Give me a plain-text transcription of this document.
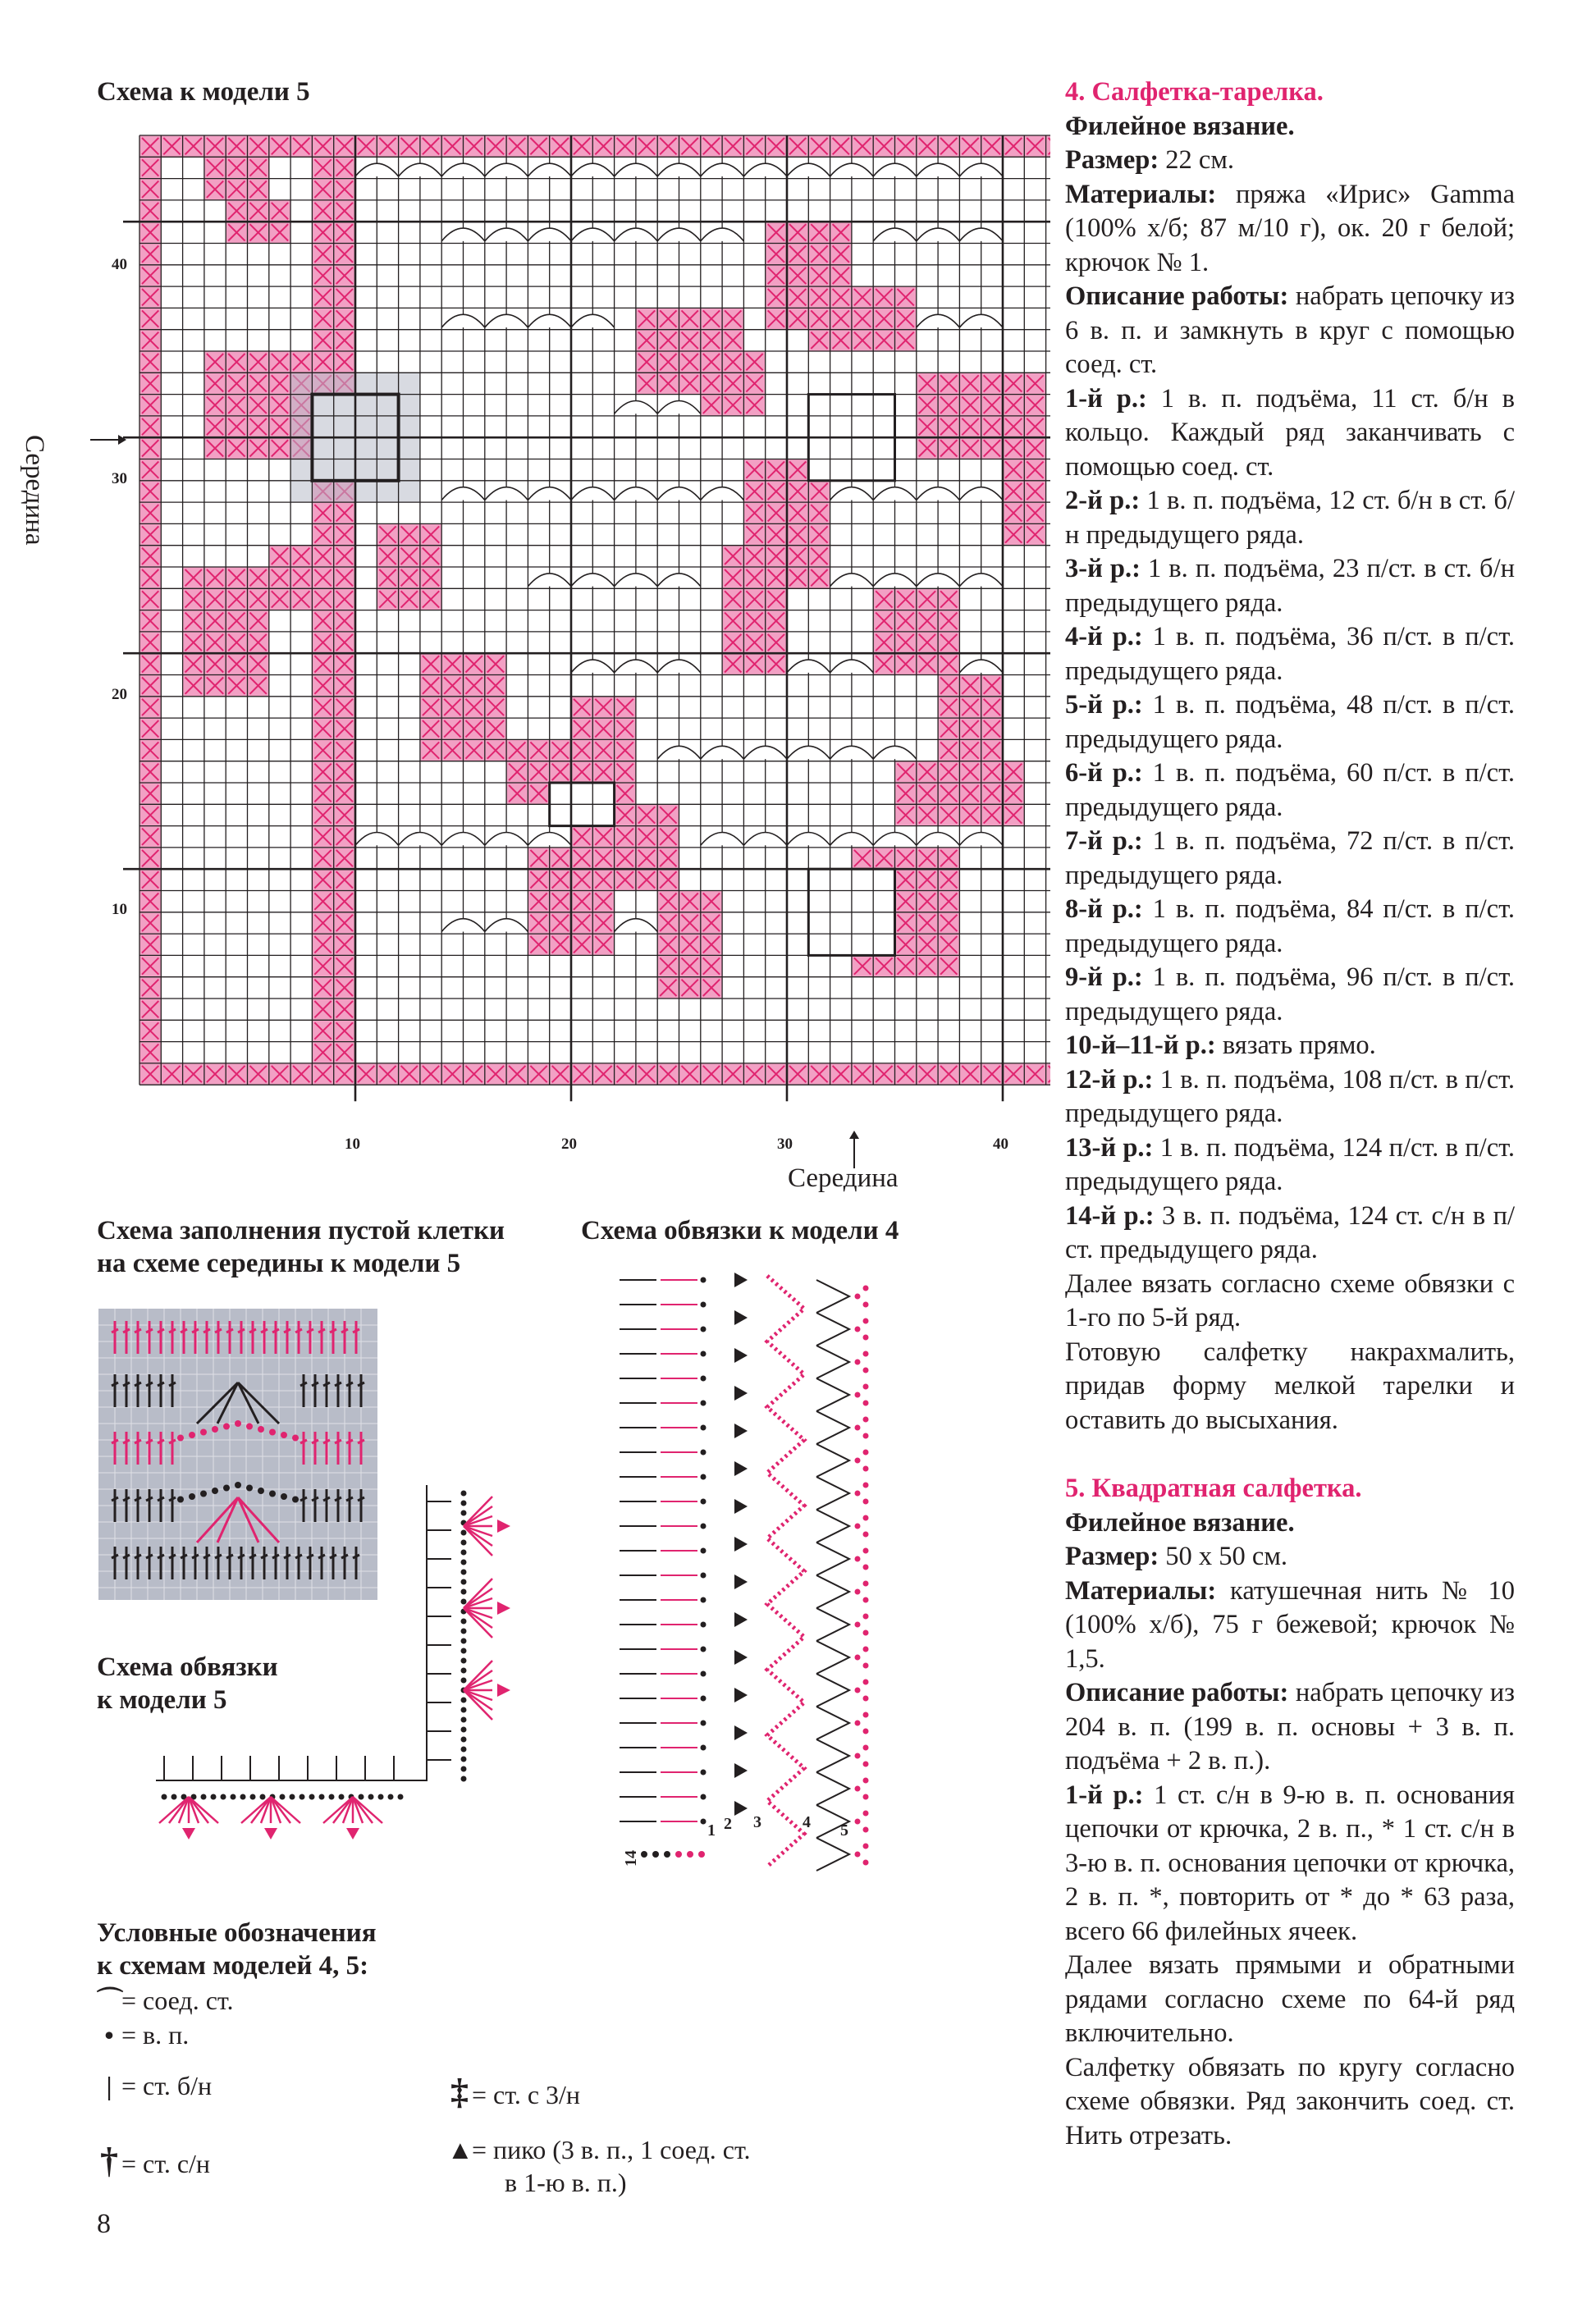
Схема к модели 5
40
30
20
10
10	20	30	40
Середина
Середина
Схема заполнения пустой клетки
на схеме середины к модели 5
Схема обвязки к модели 4
Схема обвязки
к модели 5
14
1 2 3	4 5
Условные обозначения
к схемам моделей 4, 5:
⌒= соед. ст.
• = в. п.
| = ст. б/н
† = ст. с/н
‡ = ст. с 3/н
▲= пико (3 в. п., 1 соед. ст.
в 1-ю в. п.)
8

4. Салфетка-тарелка.

Филейное вязание.

Размер: 22 см.

Материалы: пряжа «Ирис» Gamma (100% х/б; 87 м/10 г), ок. 20 г белой; крючок № 1.

Описание работы: набрать цепочку из 6 в. п. и замкнуть в круг с помощью соед. ст.

1-й р.: 1 в. п. подъёма, 11 ст. б/н в кольцо. Каждый ряд заканчивать с помощью соед. ст.

2-й р.: 1 в. п. подъёма, 12 ст. б/н в ст. б/н предыдущего ряда.

3-й р.: 1 в. п. подъёма, 23 п/ст. в ст. б/н предыдущего ряда.

4-й р.: 1 в. п. подъёма, 36 п/ст. в п/ст. предыдущего ряда.

5-й р.: 1 в. п. подъёма, 48 п/ст. в п/ст. предыдущего ряда.

6-й р.: 1 в. п. подъёма, 60 п/ст. в п/ст. предыдущего ряда.

7-й р.: 1 в. п. подъёма, 72 п/ст. в п/ст. предыдущего ряда.

8-й р.: 1 в. п. подъёма, 84 п/ст. в п/ст. предыдущего ряда.

9-й р.: 1 в. п. подъёма, 96 п/ст. в п/ст. предыдущего ряда.

10-й–11-й р.: вязать прямо.

12-й р.: 1 в. п. подъёма, 108 п/ст. в п/ст. предыдущего ряда.

13-й р.: 1 в. п. подъёма, 124 п/ст. в п/ст. предыдущего ряда.

14-й р.: 3 в. п. подъёма, 124 ст. с/н в п/ст. предыдущего ряда.

Далее вязать согласно схеме обвязки с 1-го по 5-й ряд.

Готовую салфетку накрахмалить, придав форму мелкой тарелки и оставить до высыхания.

5. Квадратная салфетка.

Филейное вязание.

Размер: 50 х 50 см.

Материалы: катушечная нить № 10 (100% х/б), 75 г бежевой; крючок № 1,5.

Описание работы: набрать цепочку из 204 в. п. (199 в. п. основы + 3 в. п. подъёма + 2 в. п.).

1-й р.: 1 ст. с/н в 9-ю в. п. основания цепочки от крючка, 2 в. п., * 1 ст. с/н в 3-ю в. п. основания цепочки от крючка, 2 в. п. *, повторить от * до * 63 раза, всего 66 филейных ячеек.

Далее вязать прямыми и обратными рядами согласно схеме по 64-й ряд включительно.

Салфетку обвязать по кругу согласно схеме обвязки. Ряд закончить соед. ст. Нить отрезать.
